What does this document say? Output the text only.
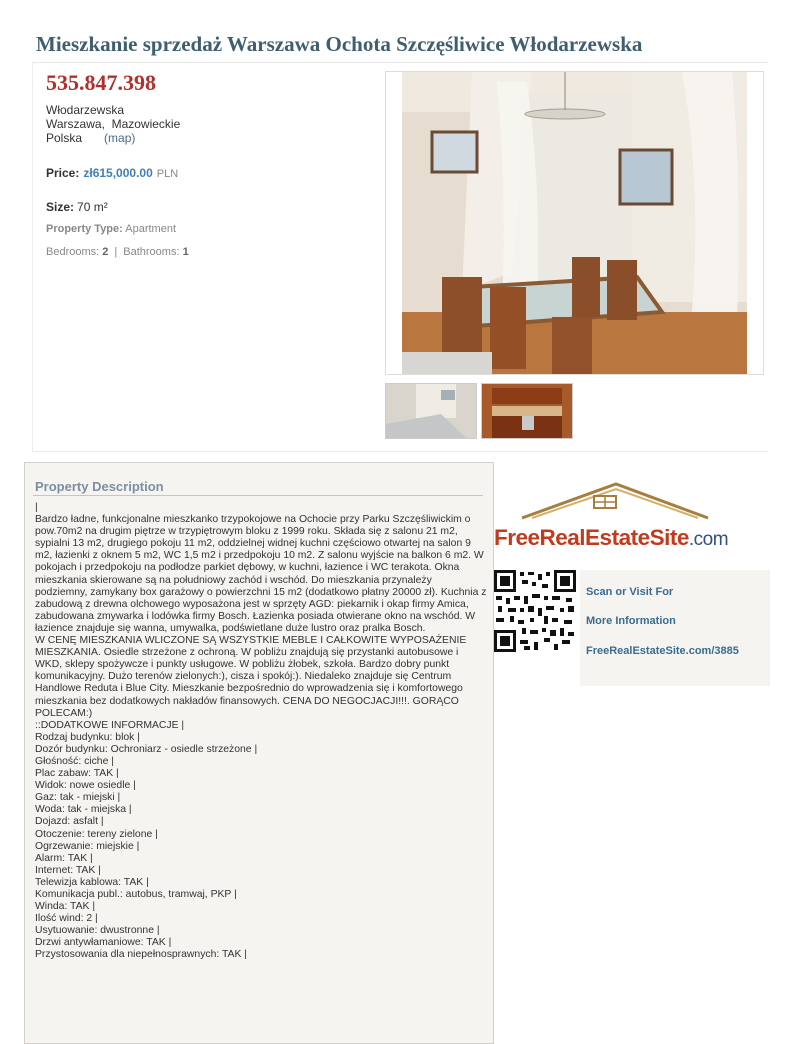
Mieszkanie sprzedaż Warszawa Ochota Szczęśliwice Włodarzewska
535.847.398
Włodarzewska
Warszawa,  Mazowieckie
Polska (map)
Price: zł615,000.00 PLN
Size: 70 m²
Property Type: Apartment
Bedrooms: 2 | Bathrooms: 1
Property Description
|
Bardzo ładne, funkcjonalne mieszkanko trzypokojowe na Ochocie przy Parku Szczęśliwickim o pow.70m2 na drugim piętrze w trzypiętrowym bloku z 1999 roku. Składa się z salonu 21 m2, sypialni 13 m2, drugiego pokoju 11 m2, oddzielnej widnej kuchni częściowo otwartej na salon 9 m2, łazienki z oknem 5 m2, WC 1,5 m2 i przedpokoju 10 m2. Z salonu wyjście na balkon 6 m2. W pokojach i przedpokoju na podłodze parkiet dębowy, w kuchni, łazience i WC terakota. Okna mieszkania skierowane są na południowy zachód i wschód. Do mieszkania przynależy podziemny, zamykany box garażowy o powierzchni 15 m2 (dodatkowo płatny 20000 zł). Kuchnia z zabudową z drewna olchowego wyposażona jest w sprzęty AGD: piekarnik i okap firmy Amica, zabudowana zmywarka i lodówka firmy Bosch. Łazienka posiada otwierane okno na wschód. W łazience znajduje się wanna, umywalka, podświetlane duże lustro oraz pralka Bosch.
W CENĘ MIESZKANIA WLICZONE SĄ WSZYSTKIE MEBLE I CAŁKOWITE WYPOSAŻENIE MIESZKANIA. Osiedle strzeżone z ochroną. W pobliżu znajdują się przystanki autobusowe i WKD, sklepy spożywcze i punkty usługowe. W pobliżu żłobek, szkoła. Bardzo dobry punkt komunikacyjny. Dużo terenów zielonych:), cisza i spokój:). Niedaleko znajduje się Centrum Handlowe Reduta i Blue City. Mieszkanie bezpośrednio do wprowadzenia się i komfortowego mieszkania bez dodatkowych nakładów finansowych. CENA DO NEGOCJACJI!!!. GORĄCO POLECAM:)
::DODATKOWE INFORMACJE |
Rodzaj budynku: blok |
Dozór budynku: Ochroniarz - osiedle strzeżone |
Głośność: ciche |
Plac zabaw: TAK |
Widok: nowe osiedle |
Gaz: tak - miejski |
Woda: tak - miejska |
Dojazd: asfalt |
Otoczenie: tereny zielone |
Ogrzewanie: miejskie |
Alarm: TAK |
Internet: TAK |
Telewizja kablowa: TAK |
Komunikacja publ.: autobus, tramwaj, PKP |
Winda: TAK |
Ilość wind: 2 |
Usytuowanie: dwustronne |
Drzwi antywłamaniowe: TAK |
Przystosowania dla niepełnosprawnych: TAK |
FreeRealEstateSite.com
Scan or Visit For
More Information
FreeRealEstateSite.com/3885
